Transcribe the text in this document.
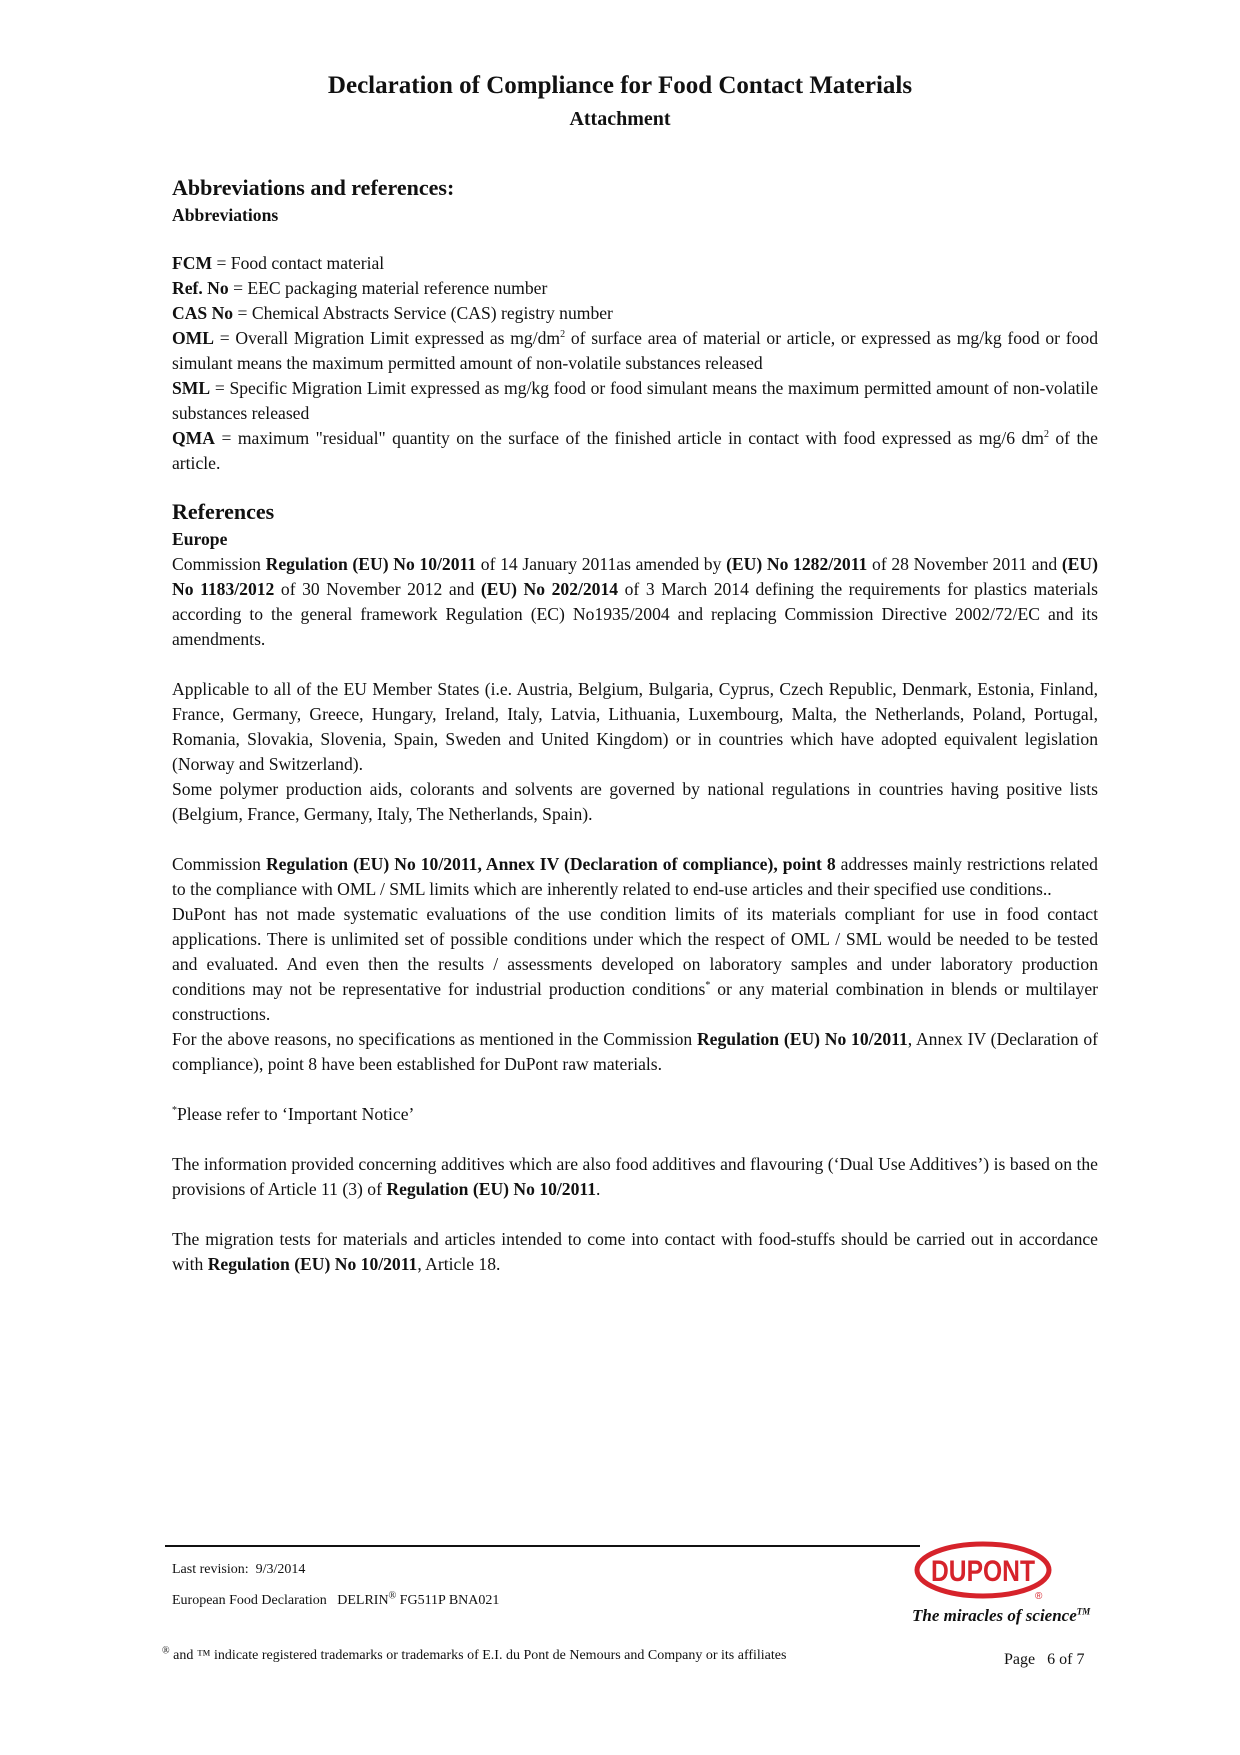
Declaration of Compliance for Food Contact Materials
Attachment
Abbreviations and references:
Abbreviations

FCM = Food contact material

Ref. No = EEC packaging material reference number

CAS No = Chemical Abstracts Service (CAS) registry number

OML = Overall Migration Limit expressed as $mg/dm^2$ of surface area of material or article, or expressed as mg/kg food or food simulant means the maximum permitted amount of non-volatile substances released

SML = Specific Migration Limit expressed as mg/kg food or food simulant means the maximum permitted amount of non-volatile substances released

QMA = maximum "residual" quantity on the surface of the finished article in contact with food expressed as mg/6 $dm^2$ of the article.

References
Europe

Commission Regulation (EU) No 10/2011 of 14 January 2011as amended by (EU) No 1282/2011 of 28 November 2011 and (EU) No 1183/2012 of 30 November 2012 and (EU) No 202/2014 of 3 March 2014 defining the requirements for plastics materials according to the general framework Regulation (EC) No1935/2004 and replacing Commission Directive 2002/72/EC and its amendments.

Applicable to all of the EU Member States (i.e. Austria, Belgium, Bulgaria, Cyprus, Czech Republic, Denmark, Estonia, Finland, France, Germany, Greece, Hungary, Ireland, Italy, Latvia, Lithuania, Luxembourg, Malta, the Netherlands, Poland, Portugal, Romania, Slovakia, Slovenia, Spain, Sweden and United Kingdom) or in countries which have adopted equivalent legislation (Norway and Switzerland).

Some polymer production aids, colorants and solvents are governed by national regulations in countries having positive lists (Belgium, France, Germany, Italy, The Netherlands, Spain).

Commission Regulation (EU) No 10/2011, Annex IV (Declaration of compliance), point 8 addresses mainly restrictions related to the compliance with OML / SML limits which are inherently related to end-use articles and their specified use conditions..

DuPont has not made systematic evaluations of the use condition limits of its materials compliant for use in food contact applications. There is unlimited set of possible conditions under which the respect of OML / SML would be needed to be tested and evaluated. And even then the results / assessments developed on laboratory samples and under laboratory production conditions may not be representative for industrial production conditions* or any material combination in blends or multilayer constructions.

For the above reasons, no specifications as mentioned in the Commission Regulation (EU) No 10/2011, Annex IV (Declaration of compliance), point 8 have been established for DuPont raw materials.

*Please refer to ‘Important Notice’

The information provided concerning additives which are also food additives and flavouring (‘Dual Use Additives’) is based on the provisions of Article 11 (3) of Regulation (EU) No 10/2011.

The migration tests for materials and articles intended to come into contact with food-stuffs should be carried out in accordance with Regulation (EU) No 10/2011, Article 18.

Last revision: 9/3/2014
European Food Declaration   DELRIN® FG511P BNA021
® and ™ indicate registered trademarks or trademarks of E.I. du Pont de Nemours and Company or its affiliates
DUPONT
®
The miracles of science™
Page 6 of 7
